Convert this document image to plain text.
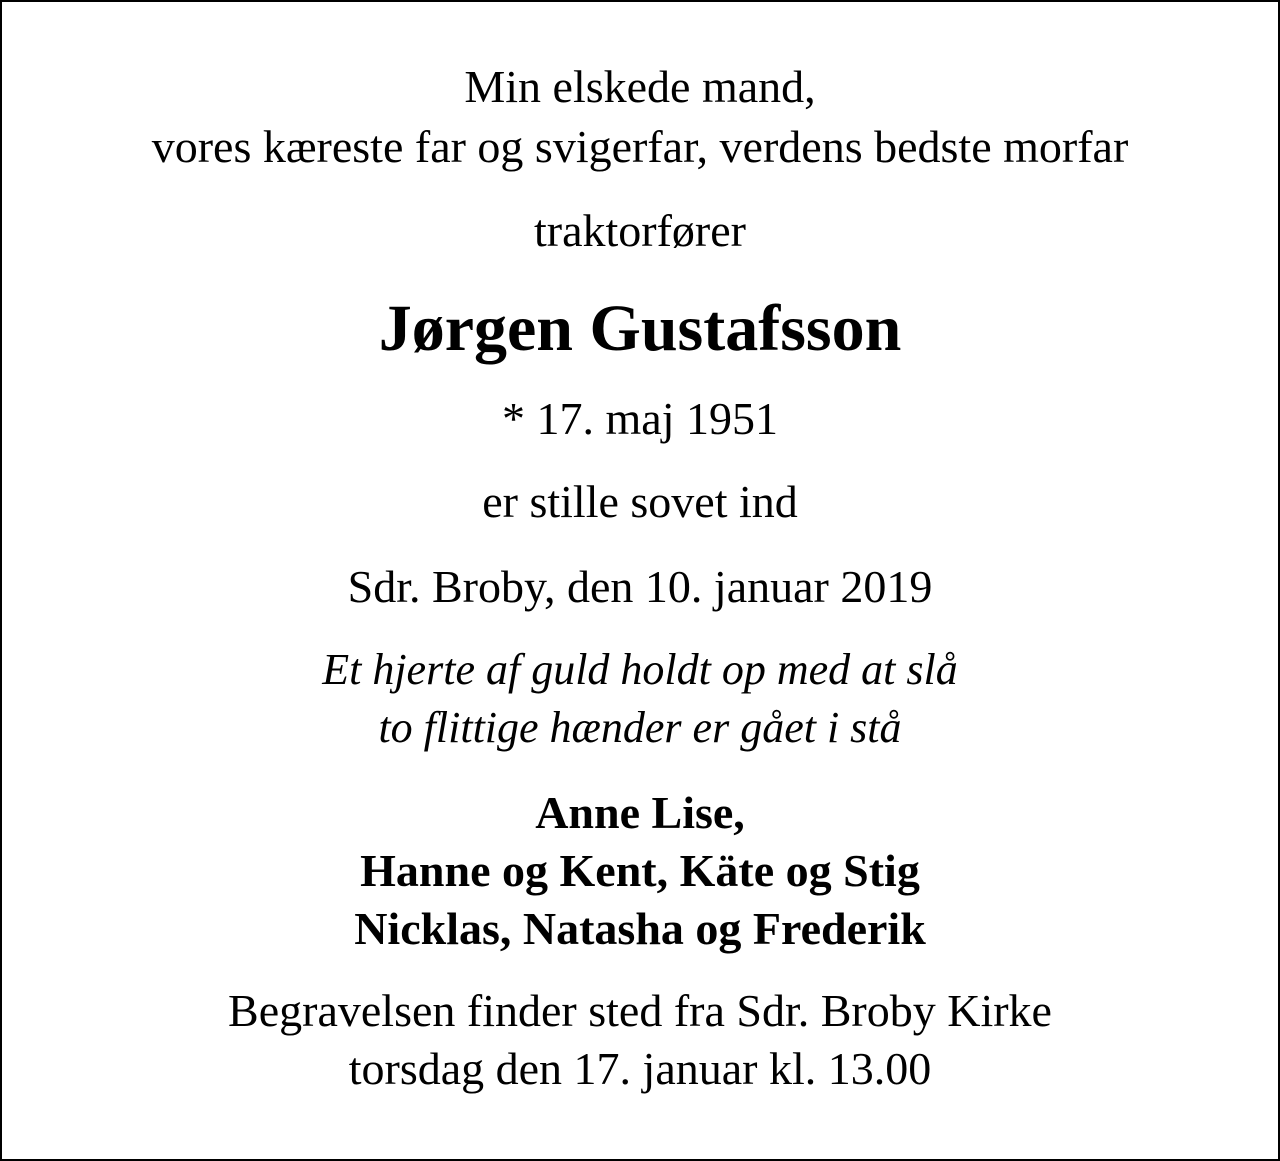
Min elskede mand,
vores kæreste far og svigerfar, verdens bedste morfar
traktorfører
Jørgen Gustafsson
* 17. maj 1951
er stille sovet ind
Sdr. Broby, den 10. januar 2019
Et hjerte af guld holdt op med at slå
to flittige hænder er gået i stå
Anne Lise,
Hanne og Kent, Käte og Stig
Nicklas, Natasha og Frederik
Begravelsen finder sted fra Sdr. Broby Kirke
torsdag den 17. januar kl. 13.00
